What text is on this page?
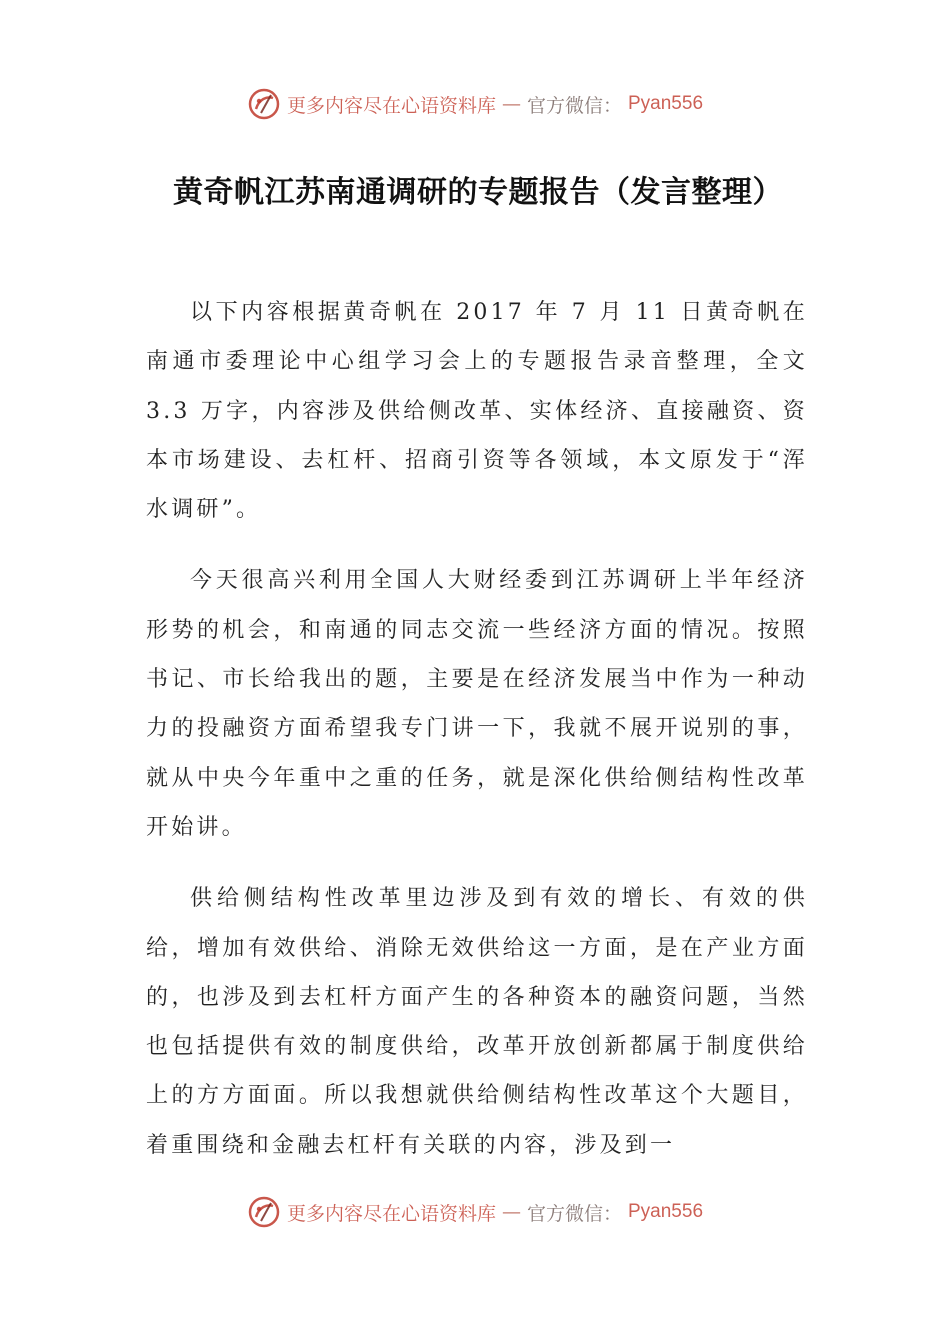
更多内容尽在心语资料库 — 官方微信： Pyan556
黄奇帆江苏南通调研的专题报告（发言整理）

以下内容根据黄奇帆在 2017 年 7 月 11 日黄奇帆在南通市委理论中心组学习会上的专题报告录音整理，全文 3.3 万字，内容涉及供给侧改革、实体经济、直接融资、资本市场建设、去杠杆、招商引资等各领域，本文原发于“浑水调研”。

今天很高兴利用全国人大财经委到江苏调研上半年经济形势的机会，和南通的同志交流一些经济方面的情况。按照书记、市长给我出的题，主要是在经济发展当中作为一种动力的投融资方面希望我专门讲一下，我就不展开说别的事，就从中央今年重中之重的任务，就是深化供给侧结构性改革开始讲。

供给侧结构性改革里边涉及到有效的增长、有效的供给，增加有效供给、消除无效供给这一方面，是在产业方面的，也涉及到去杠杆方面产生的各种资本的融资问题，当然也包括提供有效的制度供给，改革开放创新都属于制度供给上的方方面面。所以我想就供给侧结构性改革这个大题目，着重围绕和金融去杠杆有关联的内容，涉及到一

更多内容尽在心语资料库 — 官方微信： Pyan556
